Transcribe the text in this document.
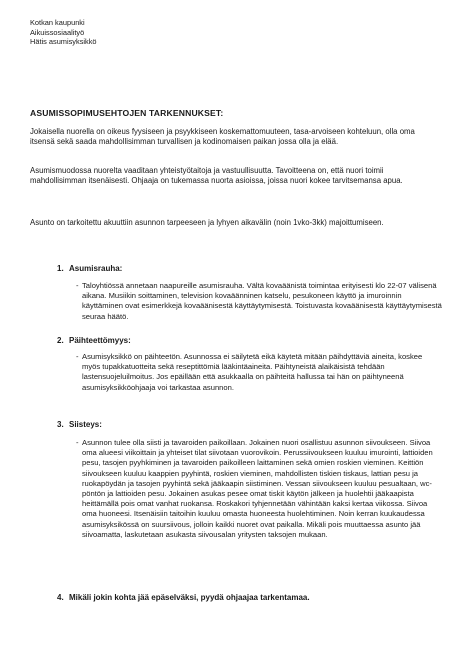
Kotkan kaupunki
Aikuissosiaalityö
Hätis asumisyksikkö
ASUMISSOPIMUSEHTOJEN TARKENNUKSET:
Jokaisella nuorella on oikeus fyysiseen ja psyykkiseen koskemattomuuteen, tasa-arvoiseen kohteluun, olla oma itsensä sekä saada mahdollisimman turvallisen ja kodinomaisen paikan jossa olla ja elää.
Asumismuodossa nuorelta vaaditaan yhteistyötaitoja ja vastuullisuutta. Tavoitteena on, että nuori toimii mahdollisimman itsenäisesti. Ohjaaja on tukemassa nuorta asioissa, joissa nuori kokee tarvitsemansa apua.
Asunto on tarkoitettu akuuttiin asunnon tarpeeseen ja lyhyen aikavälin (noin 1vko-3kk) majoittumiseen.
1. Asumisrauha:
- Taloyhtiössä annetaan naapureille asumisrauha. Vältä kovaäänistä toimintaa erityisesti klo 22-07 välisenä aikana. Musiikin soittaminen, television kovaäänninen katselu, pesukoneen käyttö ja imuroinnin käyttäminen ovat esimerkkejä kovaäänisestä käyttäytymisestä. Toistuvasta kovaäänisestä käyttäytymisestä seuraa häätö.
2. Päihteettömyys:
- Asumisyksikkö on päihteetön. Asunnossa ei säilytetä eikä käytetä mitään päihdyttäviä aineita, koskee myös tupakkatuotteita sekä reseptittömiä lääkintäaineita. Päihtyneistä alaikäisistä tehdään lastensuojeluilmoitus. Jos epäillään että asukkaalla on päihteitä hallussa tai hän on päihtyneenä asumisyksikköohjaaja voi tarkastaa asunnon.
3. Siisteys:
- Asunnon tulee olla siisti ja tavaroiden paikoillaan. Jokainen nuori osallistuu asunnon siivoukseen. Siivoa oma alueesi viikoittain ja yhteiset tilat siivotaan vuorovikoin. Perussiivoukseen kuuluu imurointi, lattioiden pesu, tasojen pyyhkiminen ja tavaroiden paikoilleen laittaminen sekä omien roskien vieminen. Keittiön siivoukseen kuuluu kaappien pyyhintä, roskien vieminen, mahdollisten tiskien tiskaus, lattian pesu ja ruokapöydän ja tasojen pyyhintä sekä jääkaapin siistiminen. Vessan siivoukseen kuuluu pesualtaan, wc-pöntön ja lattioiden pesu. Jokainen asukas pesee omat tiskit käytön jälkeen ja huolehtii jääkaapista heittämällä pois omat vanhat ruokansa. Roskakori tyhjennetään vähintään kaksi kertaa viikossa. Siivoa oma huoneesi. Itsenäisiin taitoihin kuuluu omasta huoneesta huolehtiminen. Noin kerran kuukaudessa asumisyksikössä on suursiivous, jolloin kaikki nuoret ovat paikalla. Mikäli pois muuttaessa asunto jää siivoamatta, laskutetaan asukasta siivousalan yritysten taksojen mukaan.
4. Mikäli jokin kohta jää epäselväksi, pyydä ohjaajaa tarkentamaa.
